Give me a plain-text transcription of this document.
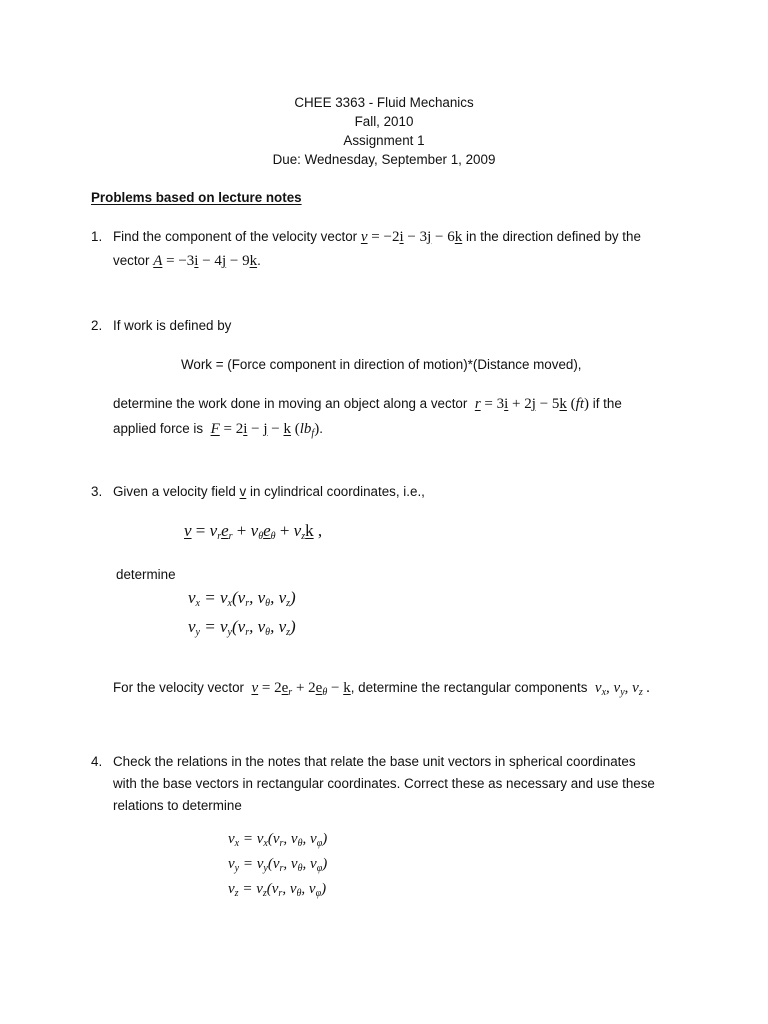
CHEE 3363 - Fluid Mechanics
Fall, 2010
Assignment 1
Due: Wednesday, September 1, 2009
Problems based on lecture notes
1. Find the component of the velocity vector v = −2i − 3j − 6k in the direction defined by the
vector A = −3i − 4j − 9k.
2. If work is defined by
Work = (Force component in direction of motion)*(Distance moved),
determine the work done in moving an object along a vector r = 3i + 2j − 5k (ft) if the
applied force is F = 2i − j − k $(lb_f)$.
3. Given a velocity field v in cylindrical coordinates, i.e.,
$v = v_re_r + v_\theta e_\theta + v_zk$ ,
determine
$v_x = v_x(v_r$, $v_\theta$, $v_z$)
$v_y = v_y(v_r$, $v_\theta$, $v_z$)
For the velocity vector $v = 2e_r + 2e_\theta - k$, determine the rectangular components  $v_x$, $v_y$, $v_z$ .
4. Check the relations in the notes that relate the base unit vectors in spherical coordinates
with the base vectors in rectangular coordinates. Correct these as necessary and use these
relations to determine
$v_x = v_x(v_r$, $v_\theta$, $v_\varphi$)
$v_y = v_y(v_r$, $v_\theta$, $v_\varphi$)
$v_z = v_z(v_r$, $v_\theta$, $v_\varphi$)
